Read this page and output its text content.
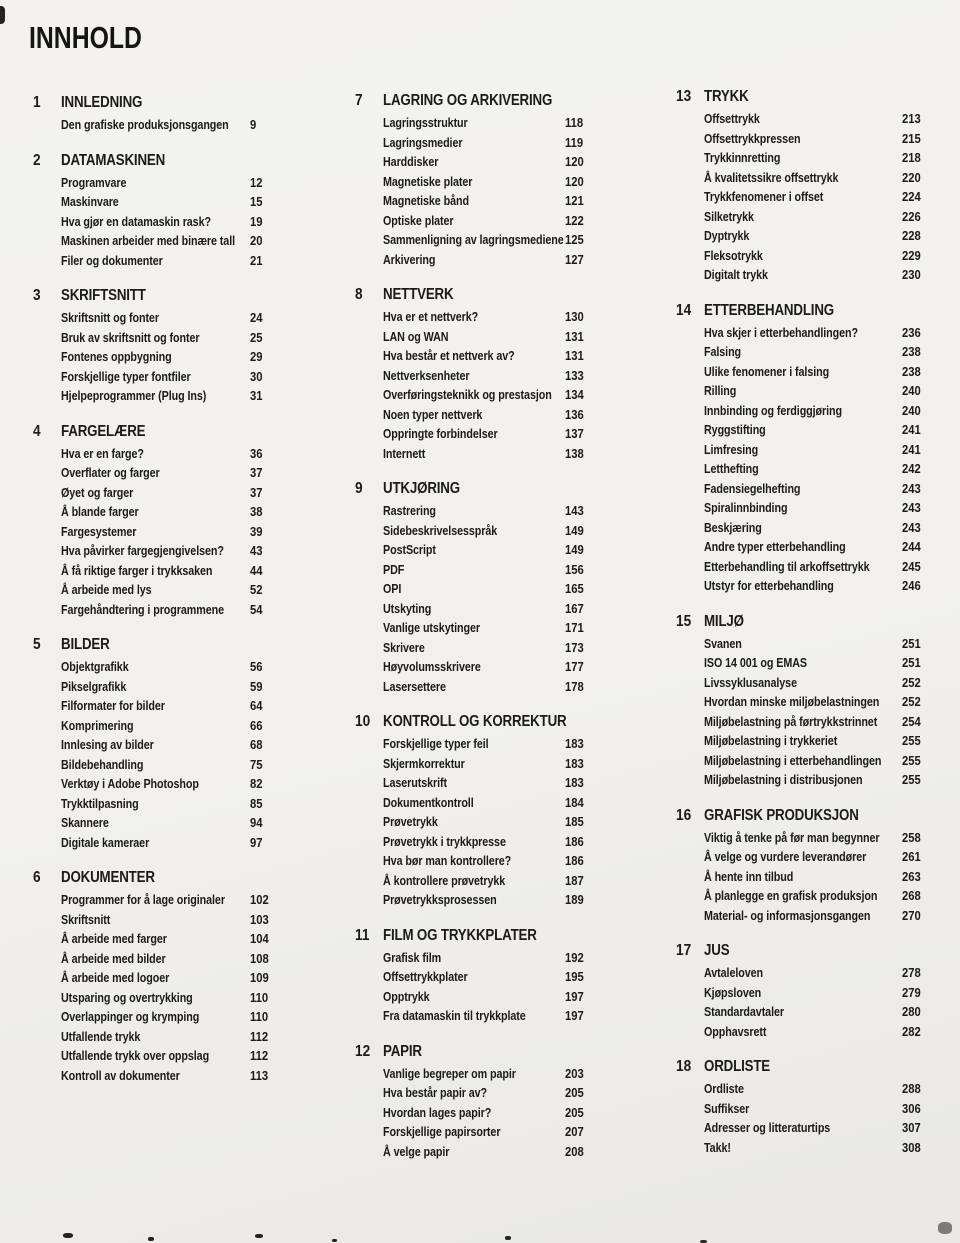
INNHOLD
1	INNLEDNING
Den grafiske produksjonsgangen 9
2	DATAMASKINEN
Programvare	12
Maskinvare	15
Hva gjør en datamaskin rask?	19
Maskinen arbeider med binære tall 20
Filer og dokumenter	21
3	SKRIFTSNITT
Skriftsnitt og fonter	24
Bruk av skriftsnitt og fonter	25
Fontenes oppbygning	29
Forskjellige typer fontfiler	30
Hjelpeprogrammer (Plug Ins)	31
4	FARGELÆRE
Hva er en farge?	36
Overflater og farger	37
Øyet og farger	37
Å blande farger	38
Fargesystemer	39
Hva påvirker fargegjengivelsen? 43
Å få riktige farger i trykksaken	44
Å arbeide med lys	52
Fargehåndtering i programmene 54
5	BILDER
Objektgrafikk	56
Pikselgrafikk	59
Filformater for bilder	64
Komprimering	66
Innlesing av bilder	68
Bildebehandling	75
Verktøy i Adobe Photoshop	82
Trykktilpasning	85
Skannere	94
Digitale kameraer	97
6	DOKUMENTER
Programmer for å lage originaler 102
Skriftsnitt	103
Å arbeide med farger	104
Å arbeide med bilder	108
Å arbeide med logoer	109
Utsparing og overtrykking	110
Overlappinger og krymping	110
Utfallende trykk	112
Utfallende trykk over oppslag	112
Kontroll av dokumenter	113
7	LAGRING OG ARKIVERING
Lagringsstruktur	118
Lagringsmedier	119
Harddisker	120
Magnetiske plater	120
Magnetiske bånd	121
Optiske plater	122
Sammenligning av lagringsmediene 125
Arkivering	127
8	NETTVERK
Hva er et nettverk?	130
LAN og WAN	131
Hva består et nettverk av?	131
Nettverksenheter	133
Overføringsteknikk og prestasjon 134
Noen typer nettverk	136
Oppringte forbindelser	137
Internett	138
9	UTKJØRING
Rastrering	143
Sidebeskrivelsesspråk	149
PostScript	149
PDF	156
OPI	165
Utskyting	167
Vanlige utskytinger	171
Skrivere	173
Høyvolumsskrivere	177
Lasersettere	178
10 KONTROLL OG KORREKTUR
Forskjellige typer feil	183
Skjermkorrektur	183
Laserutskrift	183
Dokumentkontroll	184
Prøvetrykk	185
Prøvetrykk i trykkpresse	186
Hva bør man kontrollere?	186
Å kontrollere prøvetrykk	187
Prøvetrykksprosessen	189
11 FILM OG TRYKKPLATER
Grafisk film	192
Offsettrykkplater	195
Opptrykk	197
Fra datamaskin til trykkplate	197
12 PAPIR
Vanlige begreper om papir	203
Hva består papir av?	205
Hvordan lages papir?	205
Forskjellige papirsorter	207
Å velge papir	208
13 TRYKK
Offsettrykk	213
Offsettrykkpressen	215
Trykkinnretting	218
Å kvalitetssikre offsettrykk	220
Trykkfenomener i offset	224
Silketrykk	226
Dyptrykk	228
Fleksotrykk	229
Digitalt trykk	230
14 ETTERBEHANDLING
Hva skjer i etterbehandlingen?	236
Falsing	238
Ulike fenomener i falsing	238
Rilling	240
Innbinding og ferdiggjøring	240
Ryggstifting	241
Limfresing	241
Letthefting	242
Fadensiegelhefting	243
Spiralinnbinding	243
Beskjæring	243
Andre typer etterbehandling	244
Etterbehandling til arkoffsettrykk	245
Utstyr for etterbehandling	246
15 MILJØ
Svanen	251
ISO 14 001 og EMAS	251
Livssyklusanalyse	252
Hvordan minske miljøbelastningen 252
Miljøbelastning på førtrykkstrinnet 254
Miljøbelastning i trykkeriet	255
Miljøbelastning i etterbehandlingen 255
Miljøbelastning i distribusjonen	255
16 GRAFISK PRODUKSJON
Viktig å tenke på før man begynner 258
Å velge og vurdere leverandører	261
Å hente inn tilbud	263
Å planlegge en grafisk produksjon 268
Material- og informasjonsgangen	270
17 JUS
Avtaleloven	278
Kjøpsloven	279
Standardavtaler	280
Opphavsrett	282
18 ORDLISTE
Ordliste	288
Suffikser	306
Adresser og litteraturtips	307
Takk!	308
